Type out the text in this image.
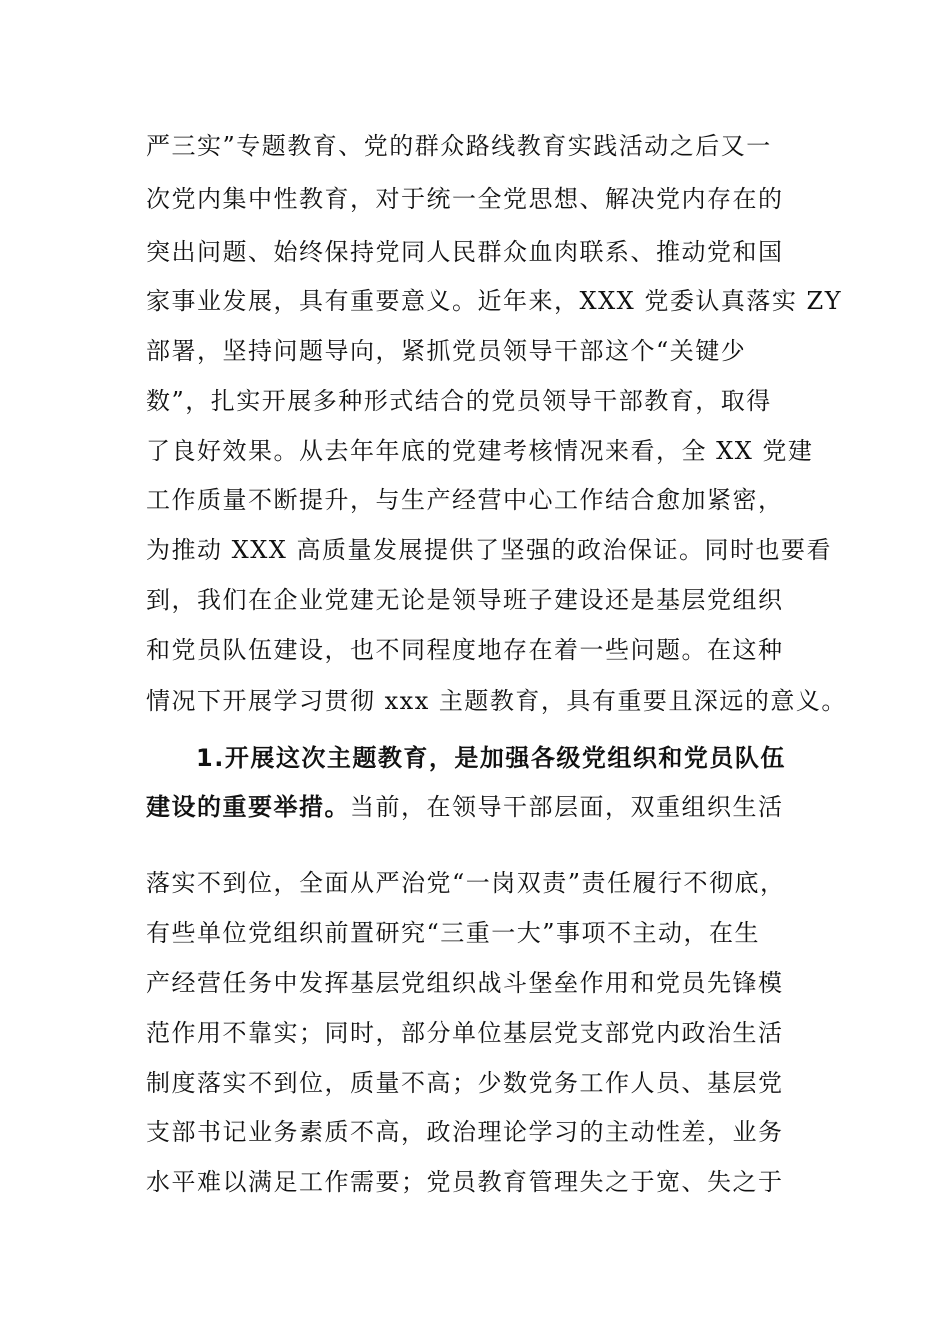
严三实”专题教育、党的群众路线教育实践活动之后又一
次党内集中性教育，对于统一全党思想、解决党内存在的
突出问题、始终保持党同人民群众血肉联系、推动党和国
家事业发展，具有重要意义。近年来，XXX 党委认真落实 ZY
部署，坚持问题导向，紧抓党员领导干部这个“关键少
数”，扎实开展多种形式结合的党员领导干部教育，取得
了良好效果。从去年年底的党建考核情况来看，全 XX 党建
工作质量不断提升，与生产经营中心工作结合愈加紧密，
为推动 XXX 高质量发展提供了坚强的政治保证。同时也要看
到，我们在企业党建无论是领导班子建设还是基层党组织
和党员队伍建设，也不同程度地存在着一些问题。在这种
情况下开展学习贯彻 xxx 主题教育，具有重要且深远的意义。
1.开展这次主题教育，是加强各级党组织和党员队伍
建设的重要举措。当前，在领导干部层面，双重组织生活
落实不到位，全面从严治党“一岗双责”责任履行不彻底，
有些单位党组织前置研究“三重一大”事项不主动，在生
产经营任务中发挥基层党组织战斗堡垒作用和党员先锋模
范作用不靠实；同时，部分单位基层党支部党内政治生活
制度落实不到位，质量不高；少数党务工作人员、基层党
支部书记业务素质不高，政治理论学习的主动性差，业务
水平难以满足工作需要；党员教育管理失之于宽、失之于
